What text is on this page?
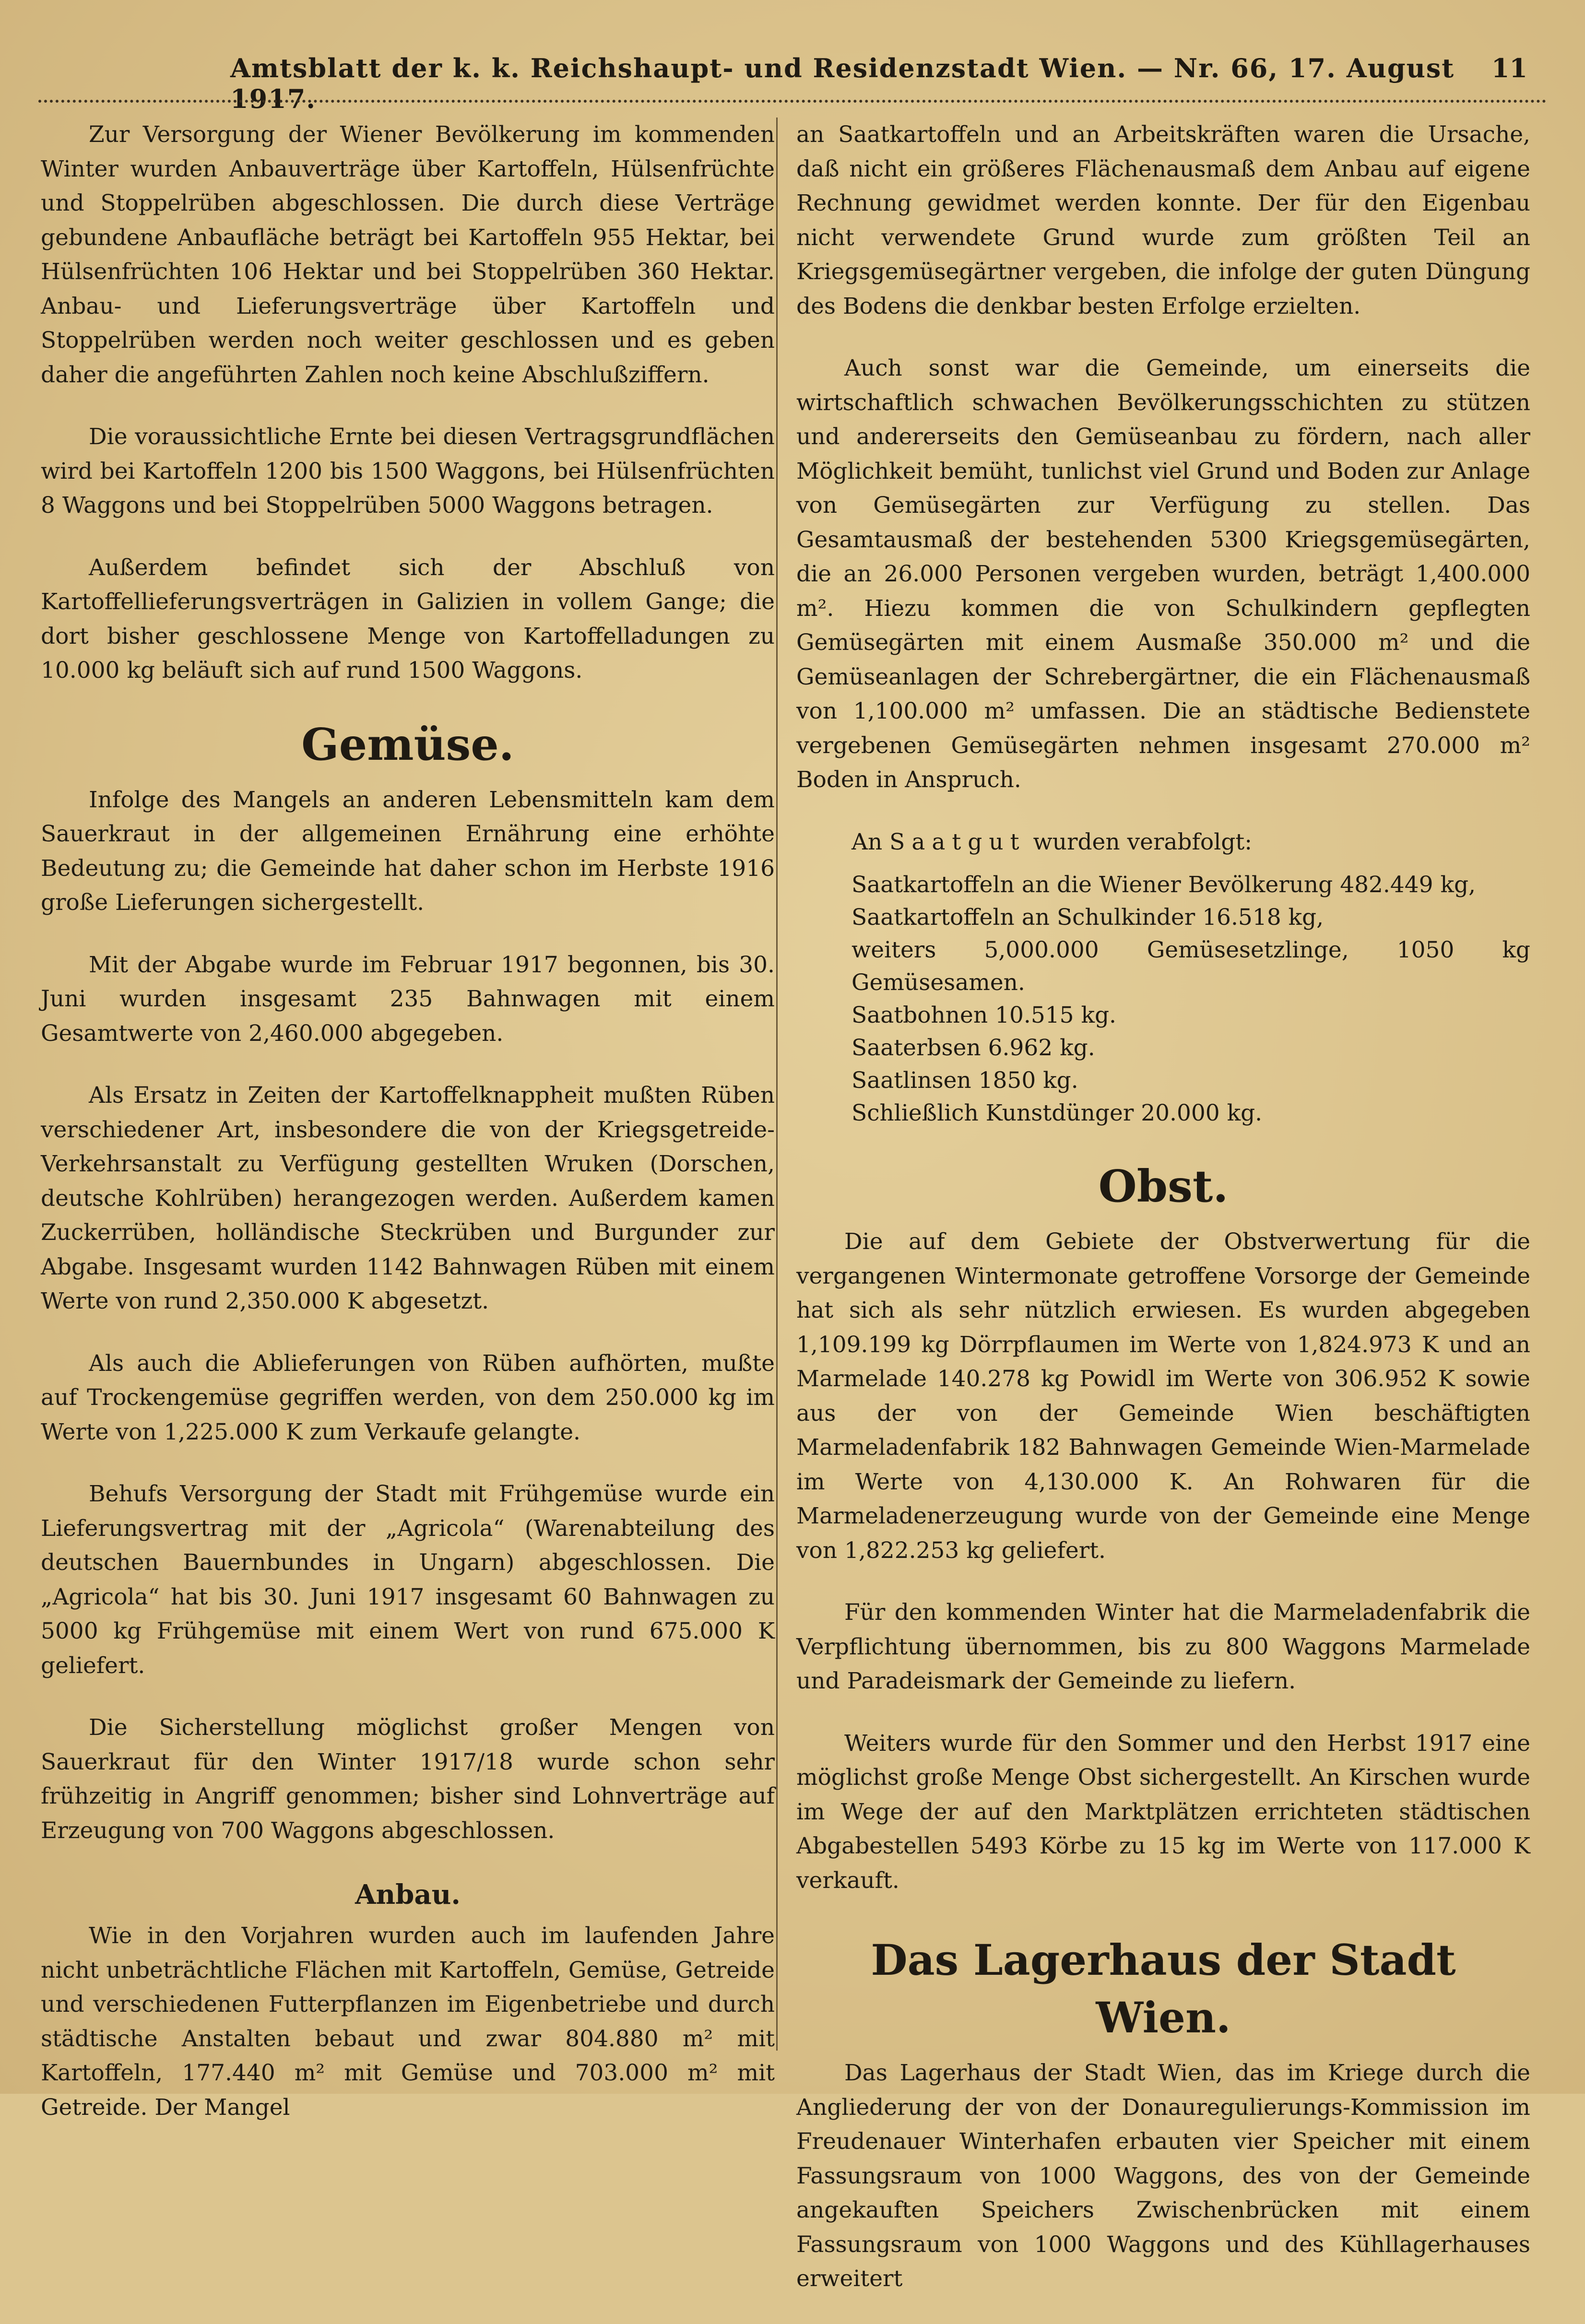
Amtsblatt der k. k. Reichshaupt- und Residenzstadt Wien. — Nr. 66, 17. August 1917.
11

Zur Versorgung der Wiener Bevölkerung im kommenden Winter wurden Anbauverträge über Kartoffeln, Hülsenfrüchte und Stoppelrüben abgeschlossen. Die durch diese Verträge gebundene Anbaufläche beträgt bei Kartoffeln 955 Hektar, bei Hülsenfrüchten 106 Hektar und bei Stoppelrüben 360 Hektar. Anbau- und Lieferungsverträge über Kartoffeln und Stoppelrüben werden noch weiter geschlossen und es geben daher die angeführten Zahlen noch keine Abschlußziffern.

Die voraussichtliche Ernte bei diesen Vertragsgrundflächen wird bei Kartoffeln 1200 bis 1500 Waggons, bei Hülsenfrüchten 8 Waggons und bei Stoppelrüben 5000 Waggons betragen.

Außerdem befindet sich der Abschluß von Kartoffellieferungsverträgen in Galizien in vollem Gange; die dort bisher geschlossene Menge von Kartoffelladungen zu 10.000 kg beläuft sich auf rund 1500 Waggons.

Gemüse.

Infolge des Mangels an anderen Lebensmitteln kam dem Sauerkraut in der allgemeinen Ernährung eine erhöhte Bedeutung zu; die Gemeinde hat daher schon im Herbste 1916 große Lieferungen sichergestellt.

Mit der Abgabe wurde im Februar 1917 begonnen, bis 30. Juni wurden insgesamt 235 Bahnwagen mit einem Gesamtwerte von 2,460.000 abgegeben.

Als Ersatz in Zeiten der Kartoffelknappheit mußten Rüben verschiedener Art, insbesondere die von der Kriegsgetreide-Verkehrsanstalt zu Verfügung gestellten Wruken (Dorschen, deutsche Kohlrüben) herangezogen werden. Außerdem kamen Zuckerrüben, holländische Steckrüben und Burgunder zur Abgabe. Insgesamt wurden 1142 Bahnwagen Rüben mit einem Werte von rund 2,350.000 K abgesetzt.

Als auch die Ablieferungen von Rüben aufhörten, mußte auf Trockengemüse gegriffen werden, von dem 250.000 kg im Werte von 1,225.000 K zum Verkaufe gelangte.

Behufs Versorgung der Stadt mit Frühgemüse wurde ein Lieferungsvertrag mit der „Agricola“ (Warenabteilung des deutschen Bauernbundes in Ungarn) abgeschlossen. Die „Agricola“ hat bis 30. Juni 1917 insgesamt 60 Bahnwagen zu 5000 kg Frühgemüse mit einem Wert von rund 675.000 K geliefert.

Die Sicherstellung möglichst großer Mengen von Sauerkraut für den Winter 1917/18 wurde schon sehr frühzeitig in Angriff genommen; bisher sind Lohnverträge auf Erzeugung von 700 Waggons abgeschlossen.

Anbau.

Wie in den Vorjahren wurden auch im laufenden Jahre nicht unbeträchtliche Flächen mit Kartoffeln, Gemüse, Getreide und verschiedenen Futterpflanzen im Eigenbetriebe und durch städtische Anstalten bebaut und zwar 804.880 m² mit Kartoffeln, 177.440 m² mit Gemüse und 703.000 m² mit Getreide. Der Mangel

an Saatkartoffeln und an Arbeitskräften waren die Ursache, daß nicht ein größeres Flächenausmaß dem Anbau auf eigene Rechnung gewidmet werden konnte. Der für den Eigenbau nicht verwendete Grund wurde zum größten Teil an Kriegsgemüsegärtner vergeben, die infolge der guten Düngung des Bodens die denkbar besten Erfolge erzielten.

Auch sonst war die Gemeinde, um einerseits die wirtschaftlich schwachen Bevölkerungsschichten zu stützen und andererseits den Gemüseanbau zu fördern, nach aller Möglichkeit bemüht, tunlichst viel Grund und Boden zur Anlage von Gemüsegärten zur Verfügung zu stellen. Das Gesamtausmaß der bestehenden 5300 Kriegsgemüsegärten, die an 26.000 Personen vergeben wurden, beträgt 1,400.000 m². Hiezu kommen die von Schulkindern gepflegten Gemüsegärten mit einem Ausmaße 350.000 m² und die Gemüseanlagen der Schrebergärtner, die ein Flächenausmaß von 1,100.000 m² umfassen. Die an städtische Bedienstete vergebenen Gemüsegärten nehmen insgesamt 270.000 m² Boden in Anspruch.

An Saatgut wurden verabfolgt:
Saatkartoffeln an die Wiener Bevölkerung 482.449 kg,
Saatkartoffeln an Schulkinder 16.518 kg,
weiters 5,000.000 Gemüsesetzlinge, 1050 kg Gemüsesamen.
Saatbohnen 10.515 kg.
Saaterbsen 6.962 kg.
Saatlinsen 1850 kg.
Schließlich Kunstdünger 20.000 kg.
Obst.

Die auf dem Gebiete der Obstverwertung für die vergangenen Wintermonate getroffene Vorsorge der Gemeinde hat sich als sehr nützlich erwiesen. Es wurden abgegeben 1,109.199 kg Dörrpflaumen im Werte von 1,824.973 K und an Marmelade 140.278 kg Powidl im Werte von 306.952 K sowie aus der von der Gemeinde Wien beschäftigten Marmeladenfabrik 182 Bahnwagen Gemeinde Wien-Marmelade im Werte von 4,130.000 K. An Rohwaren für die Marmeladenerzeugung wurde von der Gemeinde eine Menge von 1,822.253 kg geliefert.

Für den kommenden Winter hat die Marmeladenfabrik die Verpflichtung übernommen, bis zu 800 Waggons Marmelade und Paradeismark der Gemeinde zu liefern.

Weiters wurde für den Sommer und den Herbst 1917 eine möglichst große Menge Obst sichergestellt. An Kirschen wurde im Wege der auf den Marktplätzen errichteten städtischen Abgabestellen 5493 Körbe zu 15 kg im Werte von 117.000 K verkauft.

Das Lagerhaus der Stadt Wien.

Das Lagerhaus der Stadt Wien, das im Kriege durch die Angliederung der von der Donauregulierungs-Kommission im Freudenauer Winterhafen erbauten vier Speicher mit einem Fassungsraum von 1000 Waggons, des von der Gemeinde angekauften Speichers Zwischenbrücken mit einem Fassungsraum von 1000 Waggons und des Kühllagerhauses erweitert
